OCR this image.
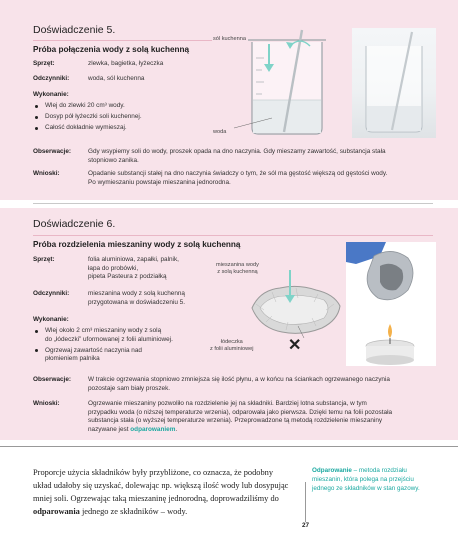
Doświadczenie 5.
Próba połączenia wody z solą kuchenną
Sprzęt:	zlewka, bagietka, łyżeczka
Odczynniki:	woda, sól kuchenna
Wykonanie:
Wlej do zlewki 20 cm³ wody.
Dosyp pół łyżeczki soli kuchennej.
Całość dokładnie wymieszaj.
sól kuchenna
woda
Obserwacje:	Gdy wsypiemy soli do wody, proszek opada na dno naczynia. Gdy mieszamy zawartość, substancja stała
stopniowo zanika.
Wnioski:	Opadanie substancji stałej na dno naczynia świadczy o tym, że sól ma gęstość większą od gęstości wody.
Po wymieszaniu powstaje mieszanina jednorodna.
Doświadczenie 6.
Próba rozdzielenia mieszaniny wody z solą kuchenną
Sprzęt:	folia aluminiowa, zapałki, palnik,
łapa do probówki,
pipeta Pasteura z podziałką
Odczynniki:	mieszanina wody z solą kuchenną
przygotowana w doświadczeniu 5.
Wykonanie:
Wlej około 2 cm³ mieszaniny wody z solą
do „łódeczki” uformowanej z folii aluminiowej.
Ogrzewaj zawartość naczynia nad
płomieniem palnika
mieszanina wody
z solą kuchenną
łódeczka
z folii aluminiowej ✕
Obserwacje:	W trakcie ogrzewania stopniowo zmniejsza się ilość płynu, a w końcu na ściankach ogrzewanego naczynia
pozostaje sam biały proszek.
Wnioski:	Ogrzewanie mieszaniny pozwoliło na rozdzielenie jej na składniki. Bardziej lotna substancja, w tym
przypadku woda (o niższej temperaturze wrzenia), odparowała jako pierwsza. Dzięki temu na folii pozostała
substancja stała (o wyższej temperaturze wrzenia). Przeprowadzone tą metodą rozdzielenie mieszaniny
nazywane jest odparowaniem.
Proporcje użycia składników były przybliżone, co oznacza, że podobny
układ udałoby się uzyskać, dolewając np. większą ilość wody lub dosypując
mniej soli. Ogrzewając taką mieszaninę jednorodną, doprowadziliśmy do
odparowania jednego ze składników – wody.
Odparowanie – metoda rozdziału
mieszanin, która polega na przejściu
jednego ze składników w stan gazowy.
27
